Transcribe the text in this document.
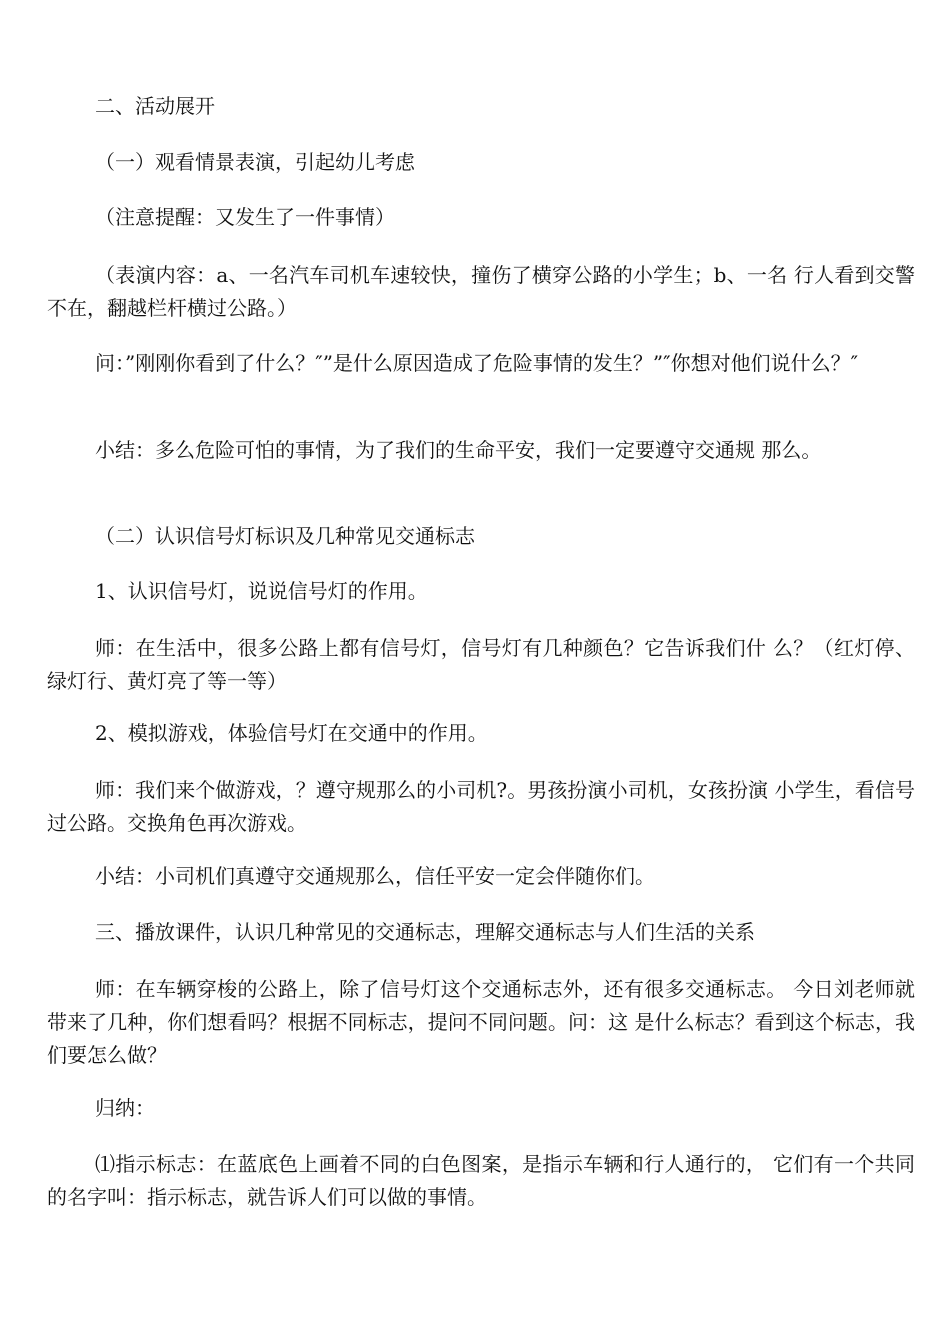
二、活动展开

（一）观看情景表演，引起幼儿考虑

（注意提醒：又发生了一件事情）

（表演内容：a、一名汽车司机车速较快，撞伤了横穿公路的小学生；b、一名 行人看到交警不在，翻越栏杆横过公路。）

问：”刚刚你看到了什么？″”是什么原因造成了危险事情的发生？”″你想对他们说什么？″

小结：多么危险可怕的事情，为了我们的生命平安，我们一定要遵守交通规 那么。

（二）认识信号灯标识及几种常见交通标志

1、认识信号灯，说说信号灯的作用。

师：在生活中，很多公路上都有信号灯，信号灯有几种颜色？它告诉我们什 么？（红灯停、绿灯行、黄灯亮了等一等）

2、模拟游戏，体验信号灯在交通中的作用。

师：我们来个做游戏，？遵守规那么的小司机?。男孩扮演小司机，女孩扮演 小学生，看信号过公路。交换角色再次游戏。

小结：小司机们真遵守交通规那么，信任平安一定会伴随你们。

三、播放课件，认识几种常见的交通标志，理解交通标志与人们生活的关系

师：在车辆穿梭的公路上，除了信号灯这个交通标志外，还有很多交通标志。 今日刘老师就带来了几种，你们想看吗？根据不同标志，提问不同问题。问：这 是什么标志？看到这个标志，我们要怎么做？

归纳：

⑴指示标志：在蓝底色上画着不同的白色图案，是指示车辆和行人通行的， 它们有一个共同的名字叫：指示标志，就告诉人们可以做的事情。
